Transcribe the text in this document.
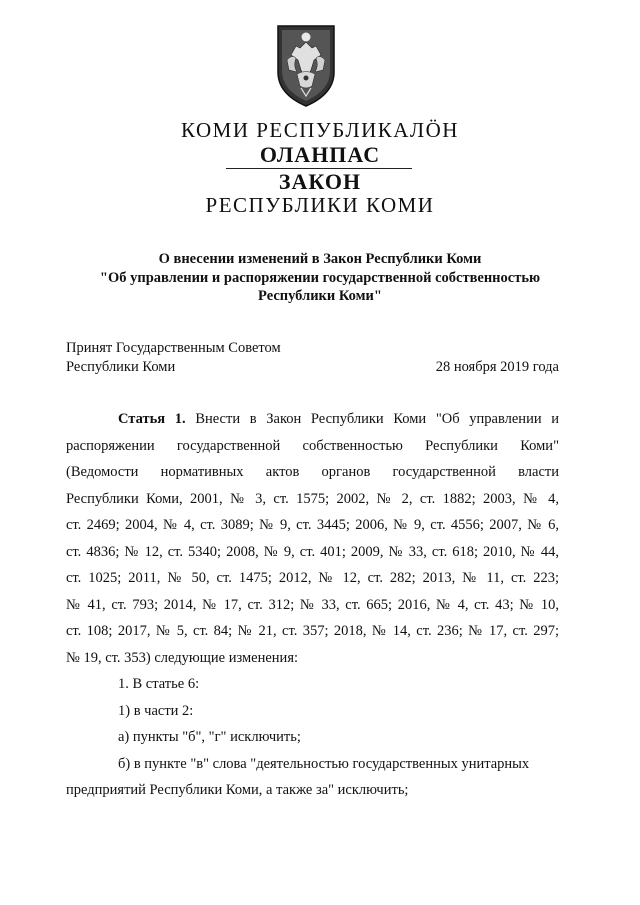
КОМИ РЕСПУБЛИКАЛӦН
ОЛАНПАС
ЗАКОН
РЕСПУБЛИКИ КОМИ
О внесении изменений в Закон Республики Коми
"Об управлении и распоряжении государственной собственностью
Республики Коми"
Принят Государственным Советом
Республики Коми	28 ноября 2019 года
Статья 1. Внести в Закон Республики Коми "Об управлении и
распоряжении государственной собственностью Республики Коми"
(Ведомости нормативных актов органов государственной власти
Республики Коми, 2001, № 3, ст. 1575; 2002, № 2, ст. 1882; 2003, № 4,
ст. 2469; 2004, № 4, ст. 3089; № 9, ст. 3445; 2006, № 9, ст. 4556; 2007, № 6,
ст. 4836; № 12, ст. 5340; 2008, № 9, ст. 401; 2009, № 33, ст. 618; 2010, № 44,
ст. 1025; 2011, № 50, ст. 1475; 2012, № 12, ст. 282; 2013, № 11, ст. 223;
№ 41, ст. 793; 2014, № 17, ст. 312; № 33, ст. 665; 2016, № 4, ст. 43; № 10,
ст. 108; 2017, № 5, ст. 84; № 21, ст. 357; 2018, № 14, ст. 236; № 17, ст. 297;
№ 19, ст. 353) следующие изменения:
1. В статье 6:
1) в части 2:
а) пункты "б", "г" исключить;
б) в пункте "в" слова "деятельностью государственных унитарных
предприятий Республики Коми, а также за" исключить;
